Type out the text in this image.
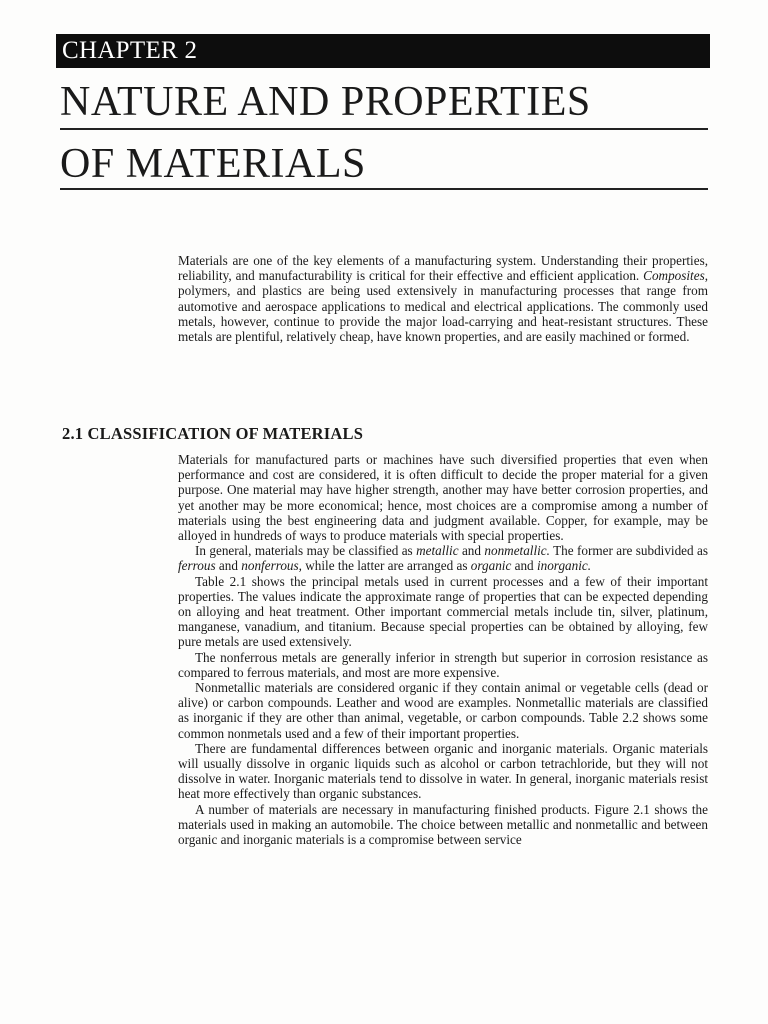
CHAPTER 2
NATURE AND PROPERTIES
OF MATERIALS

Materials are one of the key elements of a manufacturing system. Understanding their properties, reliability, and manufacturability is critical for their effective and efficient application. Composites, polymers, and plastics are being used extensively in manufacturing processes that range from automotive and aerospace applications to medical and electrical applications. The commonly used metals, however, continue to provide the major load-carrying and heat-resistant structures. These metals are plentiful, relatively cheap, have known properties, and are easily machined or formed.

2.1 CLASSIFICATION OF MATERIALS

Materials for manufactured parts or machines have such diversified properties that even when performance and cost are considered, it is often difficult to decide the proper material for a given purpose. One material may have higher strength, another may have better corrosion properties, and yet another may be more economical; hence, most choices are a compromise among a number of materials using the best engineering data and judgment available. Copper, for example, may be alloyed in hundreds of ways to produce materials with special properties.

In general, materials may be classified as metallic and nonmetallic. The former are subdivided as ferrous and nonferrous, while the latter are arranged as organic and inorganic.

Table 2.1 shows the principal metals used in current processes and a few of their important properties. The values indicate the approximate range of properties that can be expected depending on alloying and heat treatment. Other important commercial metals include tin, silver, platinum, manganese, vanadium, and titanium. Because special properties can be obtained by alloying, few pure metals are used extensively.

The nonferrous metals are generally inferior in strength but superior in corrosion resistance as compared to ferrous materials, and most are more expensive.

Nonmetallic materials are considered organic if they contain animal or vegetable cells (dead or alive) or carbon compounds. Leather and wood are examples. Nonmetallic materials are classified as inorganic if they are other than animal, vegetable, or carbon compounds. Table 2.2 shows some common nonmetals used and a few of their important properties.

There are fundamental differences between organic and inorganic materials. Organic materials will usually dissolve in organic liquids such as alcohol or carbon tetrachloride, but they will not dissolve in water. Inorganic materials tend to dissolve in water. In general, inorganic materials resist heat more effectively than organic substances.

A number of materials are necessary in manufacturing finished products. Figure 2.1 shows the materials used in making an automobile. The choice between metallic and nonmetallic and between organic and inorganic materials is a compromise between service
